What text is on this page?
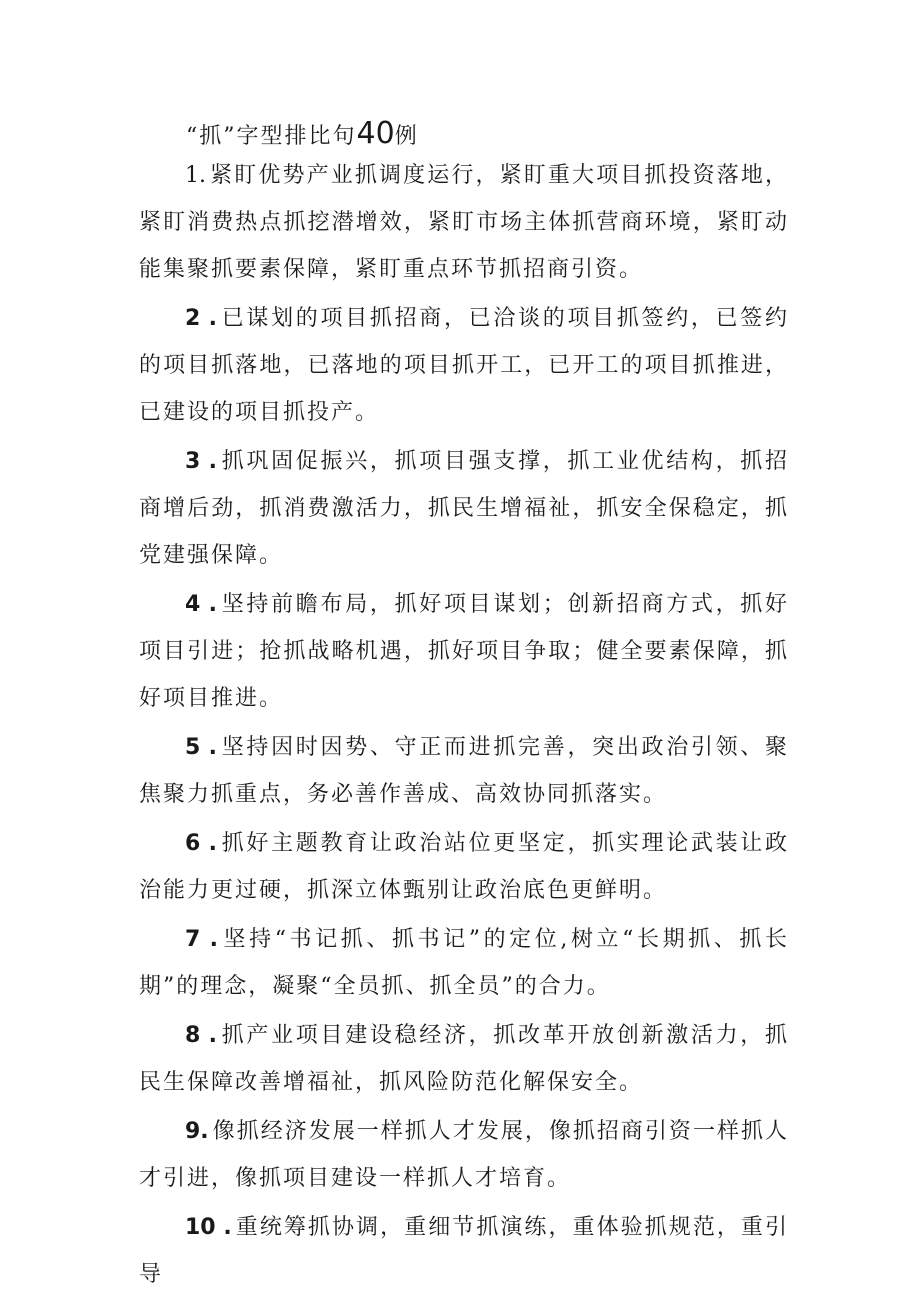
“抓”字型排比句40例
1. 紧盯优势产业抓调度运行，紧盯重大项目抓投资落地，紧盯消费热点抓挖潜增效，紧盯市场主体抓营商环境，紧盯动能集聚抓要素保障，紧盯重点环节抓招商引资。
2 . 已谋划的项目抓招商，已洽谈的项目抓签约，已签约的项目抓落地，已落地的项目抓开工，已开工的项目抓推进，已建设的项目抓投产。
3 . 抓巩固促振兴，抓项目强支撑，抓工业优结构，抓招商增后劲，抓消费激活力，抓民生增福祉，抓安全保稳定，抓党建强保障。
4 . 坚持前瞻布局，抓好项目谋划；创新招商方式，抓好项目引进；抢抓战略机遇，抓好项目争取；健全要素保障，抓好项目推进。
5 . 坚持因时因势、守正而进抓完善，突出政治引领、聚焦聚力抓重点，务必善作善成、高效协同抓落实。
6 . 抓好主题教育让政治站位更坚定，抓实理论武装让政治能力更过硬，抓深立体甄别让政治底色更鲜明。
7 . 坚持“书记抓、抓书记”的定位,树立“长期抓、抓长期”的理念，凝聚“全员抓、抓全员”的合力。
8 . 抓产业项目建设稳经济，抓改革开放创新激活力，抓民生保障改善增福祉，抓风险防范化解保安全。
9. 像抓经济发展一样抓人才发展，像抓招商引资一样抓人才引进，像抓项目建设一样抓人才培育。
10 . 重统筹抓协调，重细节抓演练，重体验抓规范，重引导
